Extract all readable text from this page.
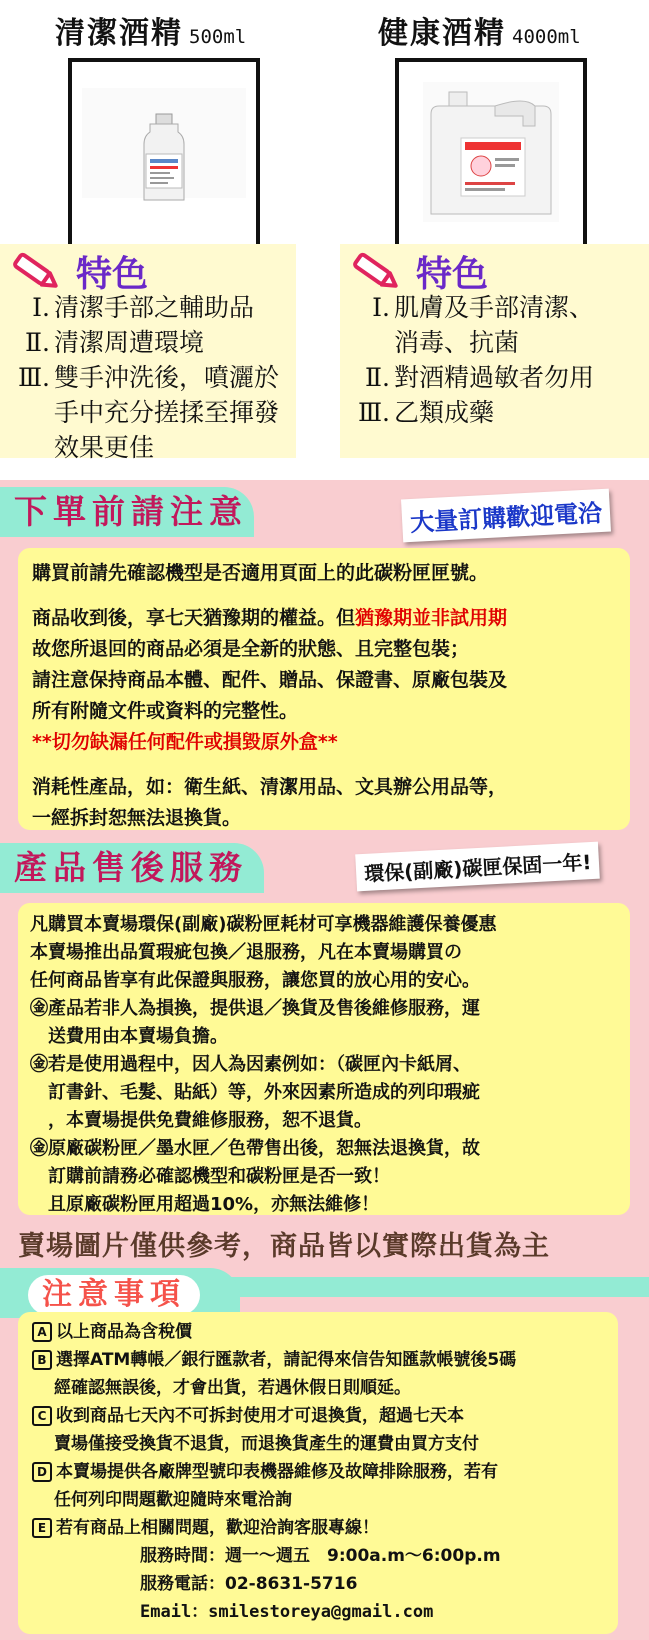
清潔酒精 500ml	健康酒精 4000ml
特色
Ⅰ. 清潔手部之輔助品
Ⅱ. 清潔周遭環境
Ⅲ. 雙手沖洗後，噴灑於
手中充分搓揉至揮發
效果更佳
特色
Ⅰ. 肌膚及手部清潔、
消毒、抗菌
Ⅱ. 對酒精過敏者勿用
Ⅲ. 乙類成藥
下單前請注意	大量訂購歡迎電洽

購買前請先確認機型是否適用頁面上的此碳粉匣匣號。

商品收到後，享七天猶豫期的權益。但猶豫期並非試用期

故您所退回的商品必須是全新的狀態、且完整包裝；

請注意保持商品本體、配件、贈品、保證書、原廠包裝及

所有附隨文件或資料的完整性。

**切勿缺漏任何配件或損毀原外盒**

消耗性產品，如：衛生紙、清潔用品、文具辦公用品等，

一經拆封恕無法退換貨。

產品售後服務	環保(副廠)碳匣保固一年!

凡購買本賣場環保(副廠)碳粉匣耗材可享機器維護保養優惠

本賣場推出品質瑕疵包換／退服務，凡在本賣場購買の

任何商品皆享有此保證與服務，讓您買的放心用的安心。

㊎產品若非人為損換，提供退／換貨及售後維修服務，運

　送費用由本賣場負擔。

㊎若是使用過程中，因人為因素例如：（碳匣內卡紙屑、

　訂書針、毛髮、貼紙）等，外來因素所造成的列印瑕疵

　，本賣場提供免費維修服務，恕不退貨。

㊎原廠碳粉匣／墨水匣／色帶售出後，恕無法退換貨，故

　訂購前請務必確認機型和碳粉匣是否一致！

　且原廠碳粉匣用超過10%，亦無法維修！

賣場圖片僅供參考，商品皆以實際出貨為主
注意事項

A 以上商品為含稅價

B 選擇ATM轉帳／銀行匯款者，請記得來信告知匯款帳號後5碼

經確認無誤後，才會出貨，若遇休假日則順延。

C 收到商品七天內不可拆封使用才可退換貨，超過七天本

賣場僅接受換貨不退貨，而退換貨產生的運費由買方支付

D 本賣場提供各廠牌型號印表機器維修及故障排除服務，若有

任何列印問題歡迎隨時來電洽詢

E 若有商品上相關問題，歡迎洽詢客服專線！

服務時間：週一～週五　9:00a.m～6:00p.m

服務電話：02-8631-5716

Email：smilestoreya@gmail.com
